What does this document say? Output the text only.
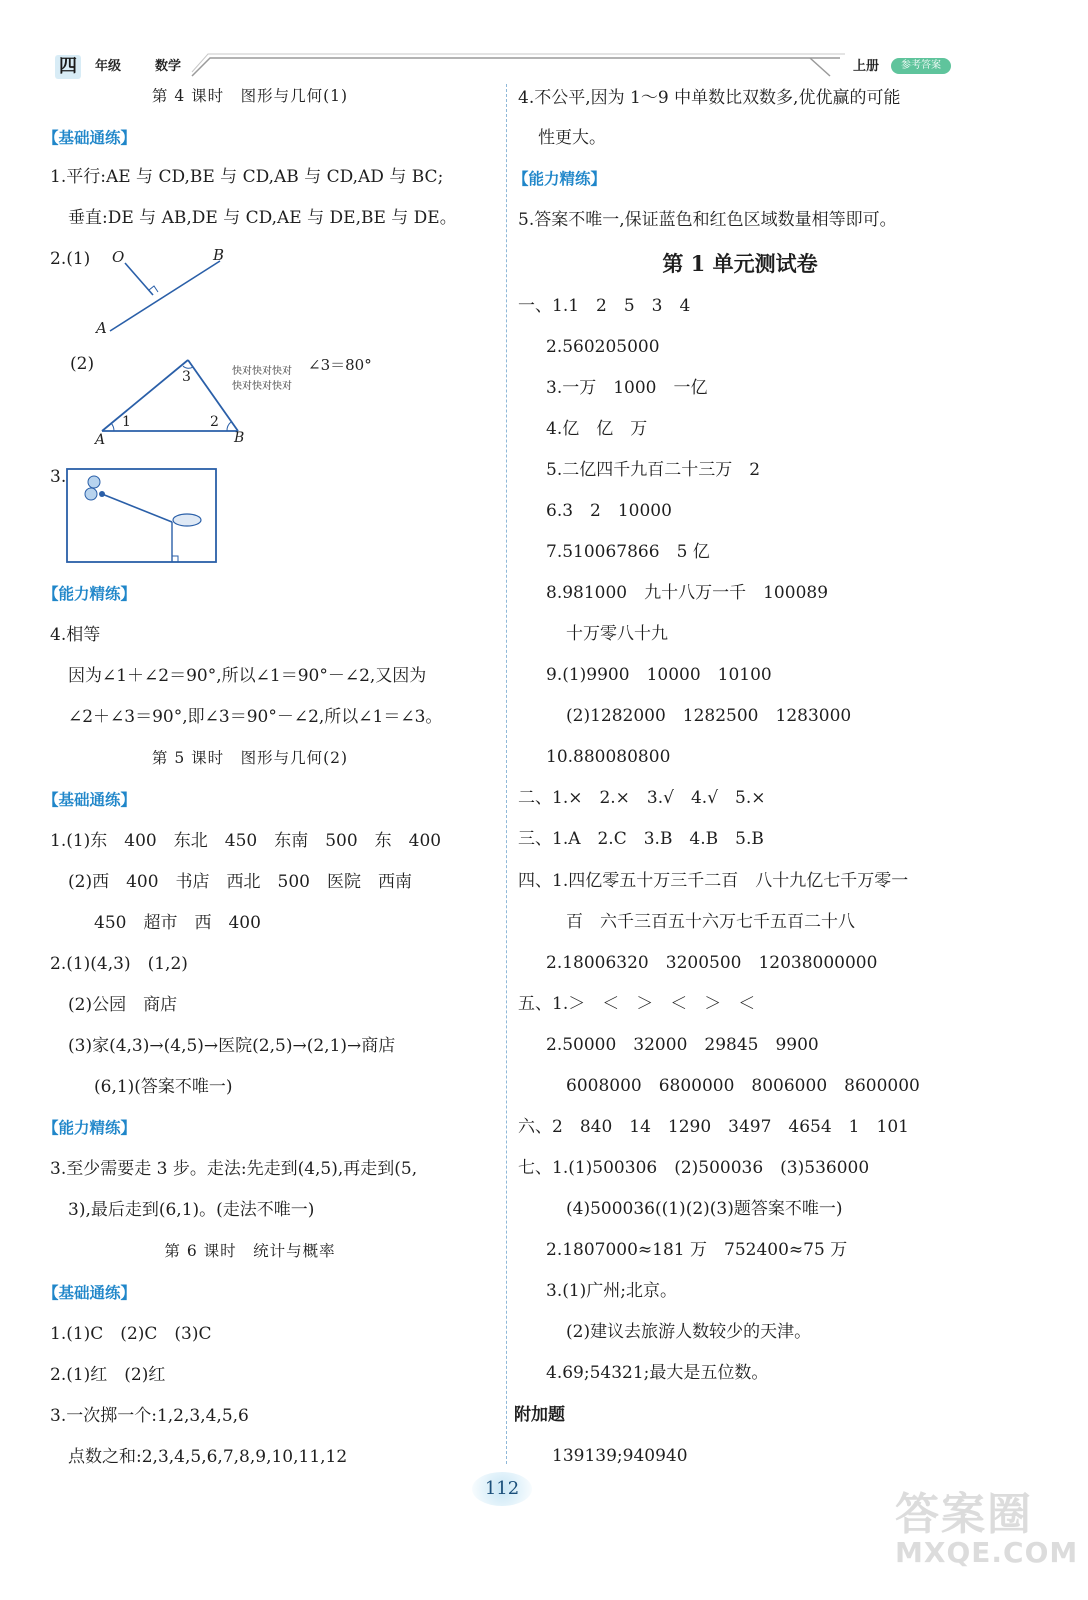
四	年级	数学	上册	参考答案
第 4 课时　图形与几何(1)
【基础通练】
1.平行:AE 与 CD,BE 与 CD,AB 与 CD,AD 与 BC;
垂直:DE 与 AB,DE 与 CD,AE 与 DE,BE 与 DE。
2.(1) O	B
A
(2)
3
1	2
A	B
快对快对快对
快对快对快对
∠3＝80°
3.
【能力精练】
4.相等
因为∠1＋∠2＝90°,所以∠1＝90°－∠2,又因为
∠2＋∠3＝90°,即∠3＝90°－∠2,所以∠1＝∠3。
第 5 课时　图形与几何(2)
【基础通练】
1.(1)东　400　东北　450　东南　500　东　400
(2)西　400　书店　西北　500　医院　西南
450　超市　西　400
2.(1)(4,3)　(1,2)
(2)公园　商店
(3)家(4,3)→(4,5)→医院(2,5)→(2,1)→商店
(6,1)(答案不唯一)
【能力精练】
3.至少需要走 3 步。走法:先走到(4,5),再走到(5,
3),最后走到(6,1)。(走法不唯一)
第 6 课时　统计与概率
【基础通练】
1.(1)C　(2)C　(3)C
2.(1)红　(2)红
3.一次掷一个:1,2,3,4,5,6
点数之和:2,3,4,5,6,7,8,9,10,11,12
4.不公平,因为 1～9 中单数比双数多,优优赢的可能
性更大。
【能力精练】
5.答案不唯一,保证蓝色和红色区域数量相等即可。
第 1 单元测试卷
一、1.1　2　5　3　4
2.560205000
3.一万　1000　一亿
4.亿　亿　万
5.二亿四千九百二十三万　2
6.3　2　10000
7.510067866　5 亿
8.981000　九十八万一千　100089
十万零八十九
9.(1)9900　10000　10100
(2)1282000　1282500　1283000
10.880080800
二、1.×　2.×　3.√　4.√　5.×
三、1.A　2.C　3.B　4.B　5.B
四、1.四亿零五十万三千二百　八十九亿七千万零一
百　六千三百五十六万七千五百二十八
2.18006320　3200500　12038000000
五、1.＞　＜　＞　＜　＞　＜
2.50000　32000　29845　9900
6008000　6800000　8006000　8600000
六、2　840　14　1290　3497　4654　1　101
七、1.(1)500306　(2)500036　(3)536000
(4)500036((1)(2)(3)题答案不唯一)
2.1807000≈181 万　752400≈75 万
3.(1)广州;北京。
(2)建议去旅游人数较少的天津。
4.69;54321;最大是五位数。
附加题
139139;940940
112
答案圈
MXQE.COM
